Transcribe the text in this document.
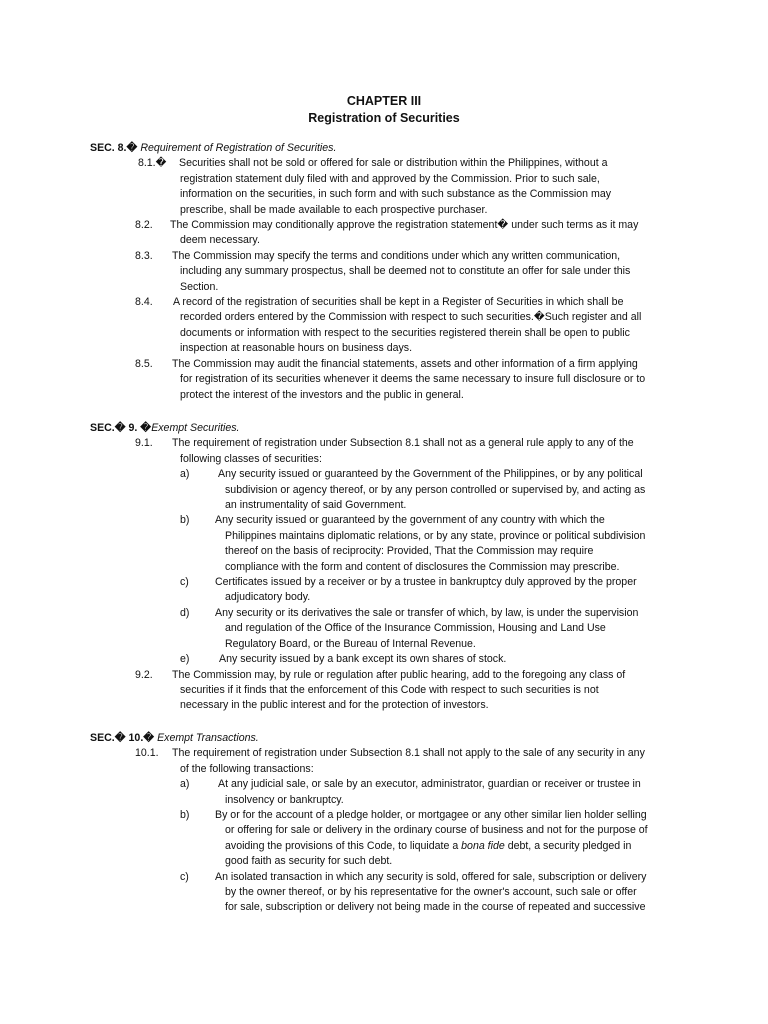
CHAPTER III
Registration of Securities
SEC. 8.� Requirement of Registration of Securities.
8.1.� Securities shall not be sold or offered for sale or distribution within the Philippines, without a
registration statement duly filed with and approved by the Commission. Prior to such sale,
information on the securities, in such form and with such substance as the Commission may
prescribe, shall be made available to each prospective purchaser.
8.2. The Commission may conditionally approve the registration statement� under such terms as it may
deem necessary.
8.3. The Commission may specify the terms and conditions under which any written communication,
including any summary prospectus, shall be deemed not to constitute an offer for sale under this
Section.
8.4. A record of the registration of securities shall be kept in a Register of Securities in which shall be
recorded orders entered by the Commission with respect to such securities.�Such register and all
documents or information with respect to the securities registered therein shall be open to public
inspection at reasonable hours on business days.
8.5. The Commission may audit the financial statements, assets and other information of a firm applying
for registration of its securities whenever it deems the same necessary to insure full disclosure or to
protect the interest of the investors and the public in general.
SEC.� 9. �Exempt Securities.
9.1. The requirement of registration under Subsection 8.1 shall not as a general rule apply to any of the
following classes of securities:
a)	Any security issued or guaranteed by the Government of the Philippines, or by any political
subdivision or agency thereof, or by any person controlled or supervised by, and acting as
an instrumentality of said Government.
b) Any security issued or guaranteed by the government of any country with which the
Philippines maintains diplomatic relations, or by any state, province or political subdivision
thereof on the basis of reciprocity: Provided, That the Commission may require
compliance with the form and content of disclosures the Commission may prescribe.
c) Certificates issued by a receiver or by a trustee in bankruptcy duly approved by the proper
adjudicatory body.
d) Any security or its derivatives the sale or transfer of which, by law, is under the supervision
and regulation of the Office of the Insurance Commission, Housing and Land Use
Regulatory Board, or the Bureau of Internal Revenue.
e)	Any security issued by a bank except its own shares of stock.
9.2. The Commission may, by rule or regulation after public hearing, add to the foregoing any class of
securities if it finds that the enforcement of this Code with respect to such securities is not
necessary in the public interest and for the protection of investors.
SEC.� 10.� Exempt Transactions.
10.1. The requirement of registration under Subsection 8.1 shall not apply to the sale of any security in any
of the following transactions:
a)	At any judicial sale, or sale by an executor, administrator, guardian or receiver or trustee in
insolvency or bankruptcy.
b) By or for the account of a pledge holder, or mortgagee or any other similar lien holder selling
or offering for sale or delivery in the ordinary course of business and not for the purpose of
avoiding the provisions of this Code, to liquidate a bona fide debt, a security pledged in
good faith as security for such debt.
c) An isolated transaction in which any security is sold, offered for sale, subscription or delivery
by the owner thereof, or by his representative for the owner's account, such sale or offer
for sale, subscription or delivery not being made in the course of repeated and successive
